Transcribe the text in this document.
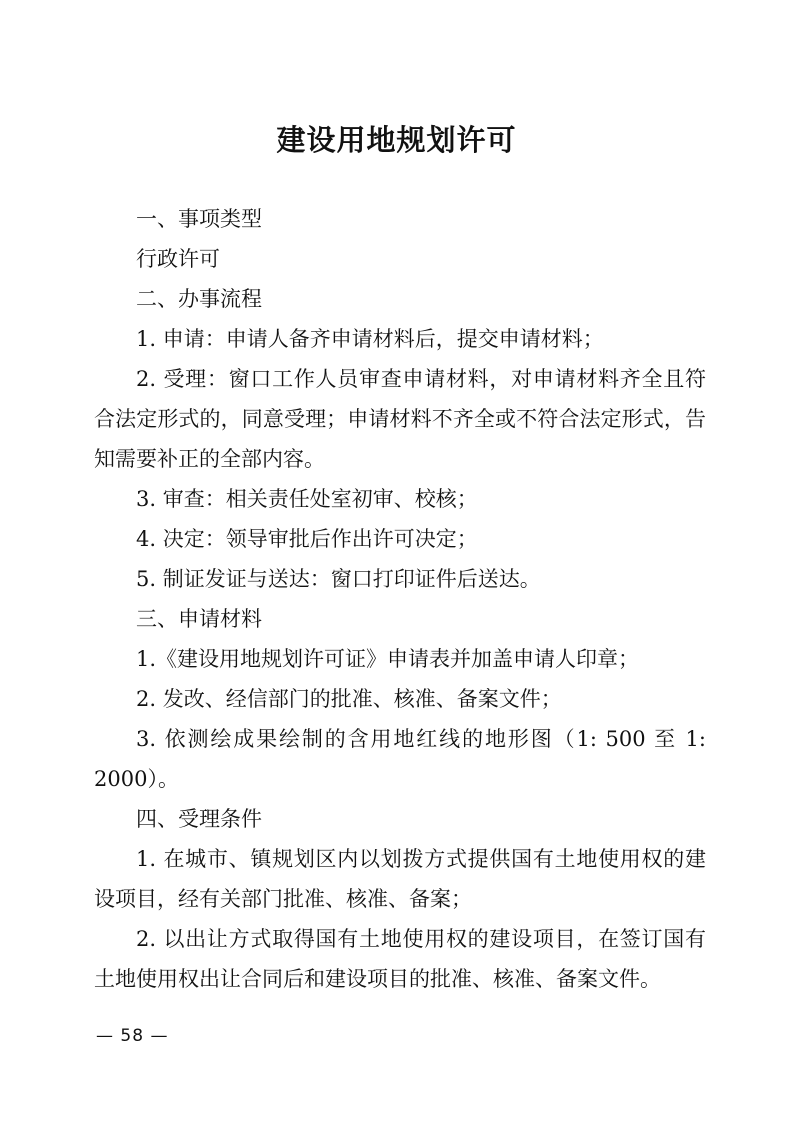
建设用地规划许可

一、事项类型

行政许可

二、办事流程

1. 申请：申请人备齐申请材料后，提交申请材料；

2. 受理：窗口工作人员审查申请材料，对申请材料齐全且符合法定形式的，同意受理；申请材料不齐全或不符合法定形式，告知需要补正的全部内容。

3. 审查：相关责任处室初审、校核；

4. 决定：领导审批后作出许可决定；

5. 制证发证与送达：窗口打印证件后送达。

三、申请材料

1.《建设用地规划许可证》申请表并加盖申请人印章；

2. 发改、经信部门的批准、核准、备案文件；

3. 依测绘成果绘制的含用地红线的地形图（1: 500 至 1: 2000）。

四、受理条件

1. 在城市、镇规划区内以划拨方式提供国有土地使用权的建设项目，经有关部门批准、核准、备案；

2. 以出让方式取得国有土地使用权的建设项目，在签订国有土地使用权出让合同后和建设项目的批准、核准、备案文件。

— 58 —
